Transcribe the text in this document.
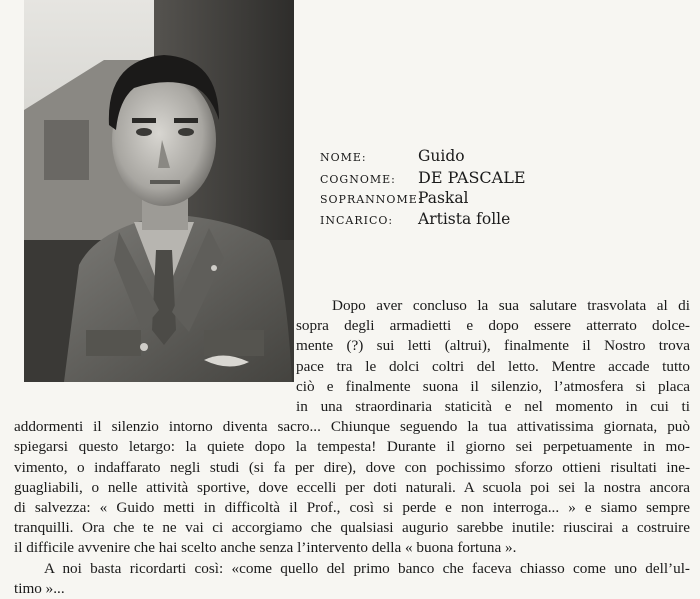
NOME:	Guido
COGNOME:	DE PASCALE
SOPRANNOME:
Paskal
INCARICO:	Artista folle
Dopo aver concluso la sua salutare trasvolata al di
sopra degli armadietti e dopo essere atterrato dolce-
mente (?) sui letti (altrui), finalmente il Nostro trova
pace tra le dolci coltri del letto. Mentre accade tutto
ciò e finalmente suona il silenzio, l’atmosfera si placa
in una straordinaria staticità e nel momento in cui ti
addormenti il silenzio intorno diventa sacro... Chiunque seguendo la tua attivatissima giornata, può
spiegarsi questo letargo: la quiete dopo la tempesta! Durante il giorno sei perpetuamente in mo-
vimento, o indaffarato negli studi (si fa per dire), dove con pochissimo sforzo ottieni risultati ine-
guagliabili, o nelle attività sportive, dove eccelli per doti naturali. A scuola poi sei la nostra ancora
di salvezza: « Guido metti in difficoltà il Prof., così si perde e non interroga... » e siamo sempre
tranquilli. Ora che te ne vai ci accorgiamo che qualsiasi augurio sarebbe inutile: riuscirai a costruire
il difficile avvenire che hai scelto anche senza l’intervento della « buona fortuna ».
A noi basta ricordarti così: «come quello del primo banco che faceva chiasso come uno dell’ul-
timo »...
